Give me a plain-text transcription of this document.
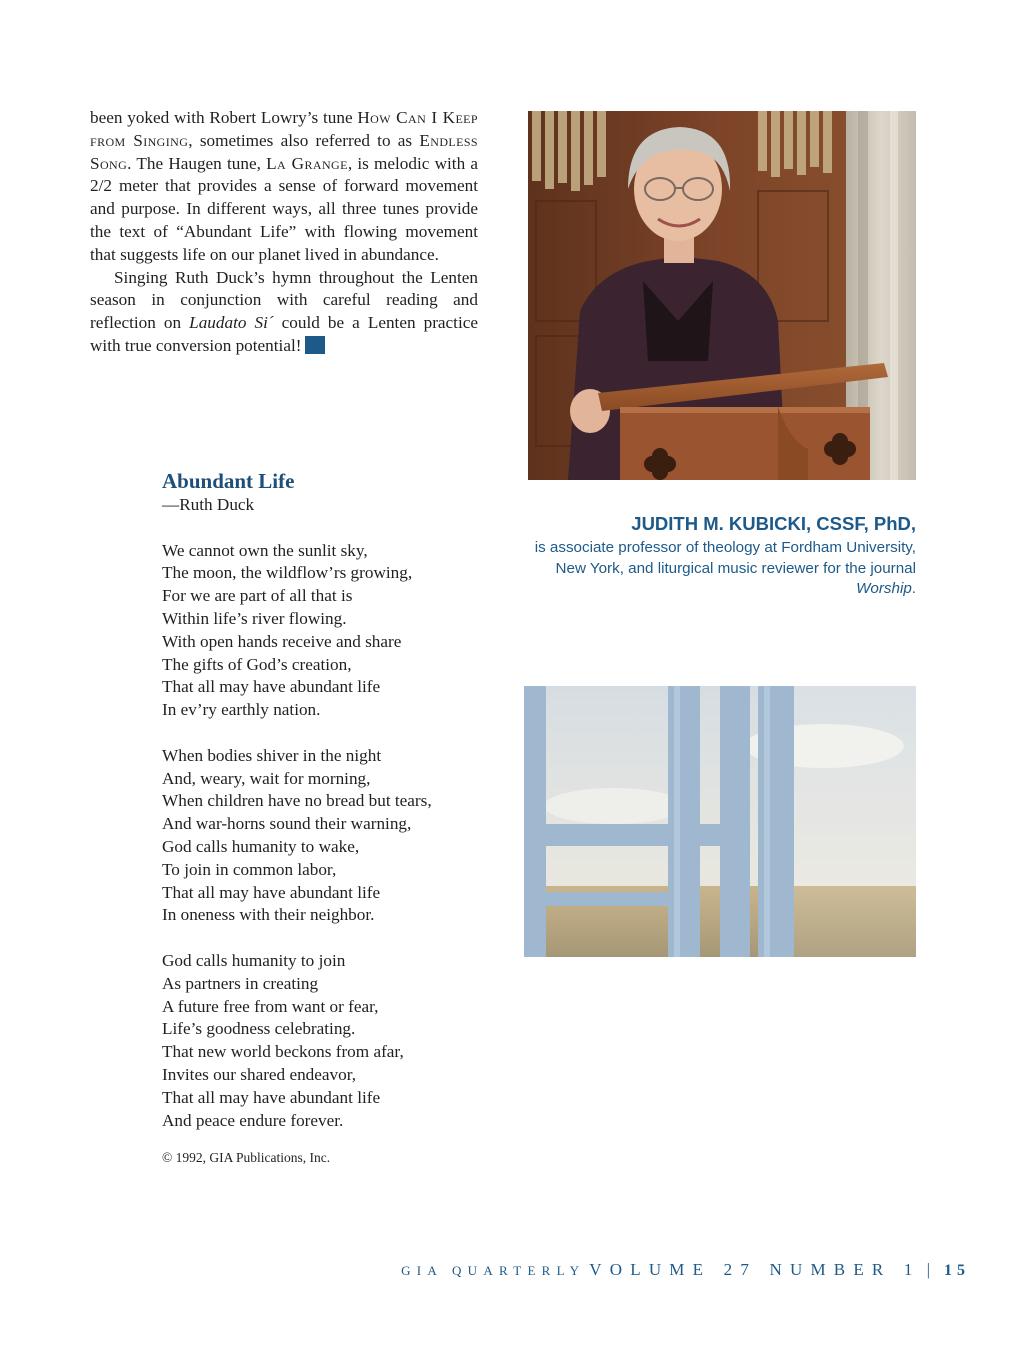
been yoked with Robert Lowry’s tune How Can I Keep from Singing, sometimes also referred to as Endless Song. The Haugen tune, La Grange, is melodic with a 2/2 meter that provides a sense of forward movement and purpose. In different ways, all three tunes provide the text of “Abundant Life” with flowing movement that suggests life on our planet lived in abundance.

Singing Ruth Duck’s hymn throughout the Lenten season in conjunction with careful reading and reflection on Laudato Si´ could be a Lenten practice with true conversion potential!

JUDITH M. KUBICKI, CSSF, PhD,

is associate professor of theology at Fordham University, New York, and liturgical music reviewer for the journal Worship.

Abundant Life

—Ruth Duck

We cannot own the sunlit sky,
The moon, the wildflow’rs growing,
For we are part of all that is
Within life’s river flowing.
With open hands receive and share
The gifts of God’s creation,
That all may have abundant life
In ev’ry earthly nation.
When bodies shiver in the night
And, weary, wait for morning,
When children have no bread but tears,
And war-horns sound their warning,
God calls humanity to wake,
To join in common labor,
That all may have abundant life
In oneness with their neighbor.
God calls humanity to join
As partners in creating
A future free from want or fear,
Life’s goodness celebrating.
That new world beckons from afar,
Invites our shared endeavor,
That all may have abundant life
And peace endure forever.

© 1992, GIA Publications, Inc.

GIA QUARTERLY VOLUME 27 NUMBER 1 | 15
